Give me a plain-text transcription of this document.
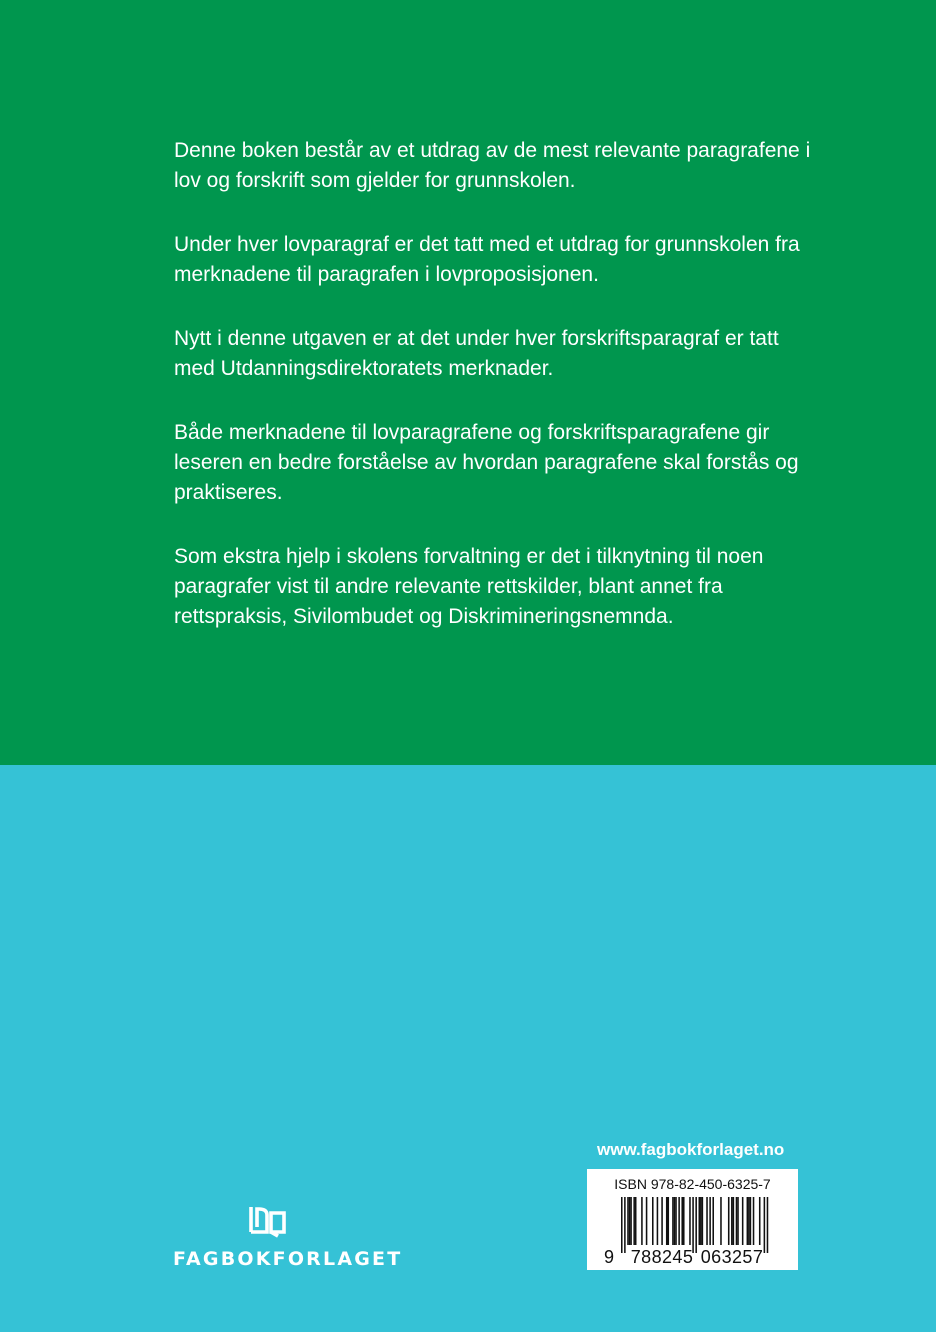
Denne boken består av et utdrag av de mest relevante paragrafene i lov og forskrift som gjelder for grunnskolen.

Under hver lovparagraf er det tatt med et utdrag for grunnskolen fra merknadene til paragrafen i lovproposisjonen.

Nytt i denne utgaven er at det under hver forskriftsparagraf er tatt med Utdanningsdirektoratets merknader.

Både merknadene til lovparagrafene og forskriftsparagrafene gir leseren en bedre forståelse av hvordan paragrafene skal forstås og praktiseres.

Som ekstra hjelp i skolens forvaltning er det i tilknytning til noen paragrafer vist til andre relevante rettskilder, blant annet fra rettspraksis, Sivilombudet og Diskrimineringsnemnda.

FAGBOKFORLAGET
www.fagbokforlaget.no
ISBN 978-82-450-6325-7
9 788245 063257
